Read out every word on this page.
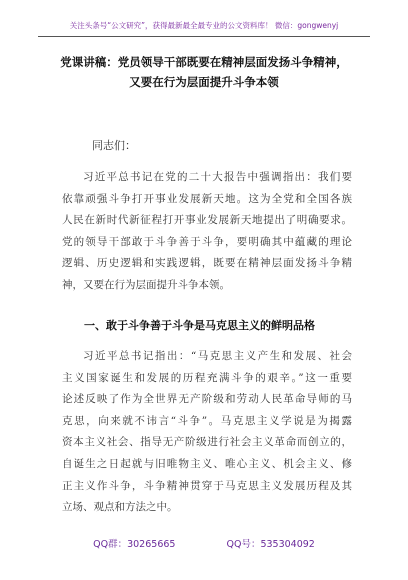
关注头条号“公文研究”，获得最新最全最专业的公文资料库！ 微信：gongwenyj
党课讲稿：党员领导干部既要在精神层面发扬斗争精神，
又要在行为层面提升斗争本领
同志们：

习近平总书记在党的二十大报告中强调指出：我们要
依靠顽强斗争打开事业发展新天地。这为全党和全国各族
人民在新时代新征程打开事业发展新天地提出了明确要求。
党的领导干部敢于斗争善于斗争，要明确其中蕴藏的理论
逻辑、历史逻辑和实践逻辑，既要在精神层面发扬斗争精
神，又要在行为层面提升斗争本领。

一、敢于斗争善于斗争是马克思主义的鲜明品格

习近平总书记指出：“马克思主义产生和发展、社会
主义国家诞生和发展的历程充满斗争的艰辛。”这一重要
论述反映了作为全世界无产阶级和劳动人民革命导师的马
克思，向来就不讳言“斗争”。马克思主义学说是为揭露
资本主义社会、指导无产阶级进行社会主义革命而创立的，
自诞生之日起就与旧唯物主义、唯心主义、机会主义、修
正主义作斗争，斗争精神贯穿于马克思主义发展历程及其
立场、观点和方法之中。

QQ群：30265665	QQ号：535304092
